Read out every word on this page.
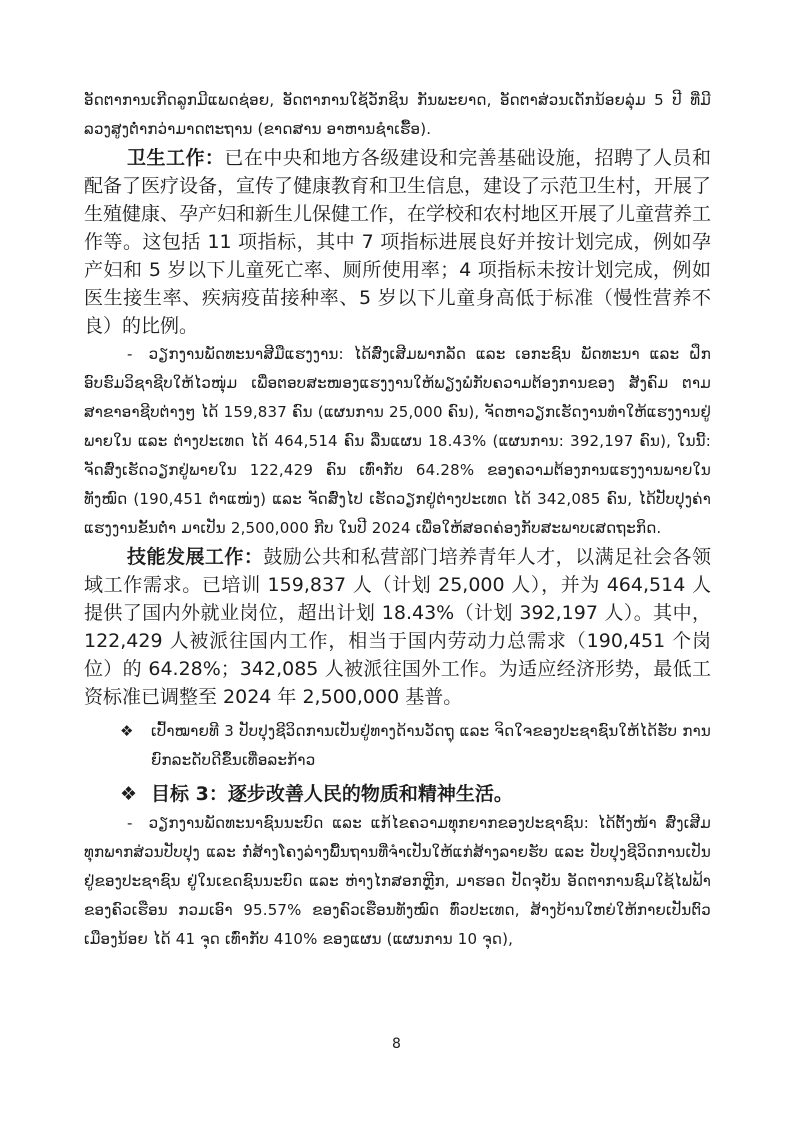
ອັດຕາການເກີດລູກມີແພດຊ່ອຍ, ອັດຕາການໃຊ້ວັກຊິນ ກັນພະຍາດ, ອັດຕາສ່ວນເດັກນ້ອຍລຸ່ມ 5 ປີ ທີ່ມີລວງສູງຕໍ່າກວ່າມາດຕະຖານ (ຂາດສານ ອາຫານຊໍາເຮື້ອ).

卫生工作：已在中央和地方各级建设和完善基础设施，招聘了人员和配备了医疗设备，宣传了健康教育和卫生信息，建设了示范卫生村，开展了生殖健康、孕产妇和新生儿保健工作，在学校和农村地区开展了儿童营养工作等。这包括 11 项指标，其中 7 项指标进展良好并按计划完成，例如孕产妇和 5 岁以下儿童死亡率、厕所使用率；4 项指标未按计划完成，例如医生接生率、疾病疫苗接种率、5 岁以下儿童身高低于标准（慢性营养不良）的比例。

- ວຽກງານພັດທະນາສີມືແຮງງານ: ໄດ້ສົ່ງເສີມພາກລັດ ແລະ ເອກະຊົນ ພັດທະນາ ແລະ ຝຶກອົບຮົມວິຊາຊີບໃຫ້ໄວໜຸ່ມ ເພື່ອຕອບສະໜອງແຮງງານໃຫ້ພຽງພໍກັບຄວາມຕ້ອງການຂອງ ສັງຄົມ ຕາມສາຂາອາຊີບຕ່າງໆ ໄດ້ 159,837 ຄົນ (ແຜນການ 25,000 ຄົນ), ຈັດຫາວຽກເຮັດງານທໍາໃຫ້ແຮງງານຢູ່ພາຍໃນ ແລະ ຕ່າງປະເທດ ໄດ້ 464,514 ຄົນ ລື່ນແຜນ 18.43% (ແຜນການ: 392,197 ຄົນ), ໃນນີ້: ຈັດສົ່ງເຮັດວຽກຢູ່ພາຍໃນ 122,429 ຄົນ ເທົ່າກັບ 64.28% ຂອງຄວາມຕ້ອງການແຮງງານພາຍໃນທັງໝົດ (190,451 ຕໍາແໜ່ງ) ແລະ ຈັດສົ່ງໄປ ເຮັດວຽກຢູ່ຕ່າງປະເທດ ໄດ້ 342,085 ຄົນ, ໄດ້ປັບປຸງຄ່າແຮງງານຂັ້ນຕໍ່າ ມາເປັນ 2,500,000 ກີບ ໃນປີ 2024 ເພື່ອໃຫ້ສອດຄ່ອງກັບສະພາບເສດຖະກິດ.

技能发展工作：鼓励公共和私营部门培养青年人才，以满足社会各领域工作需求。已培训 159,837 人（计划 25,000 人），并为 464,514 人提供了国内外就业岗位，超出计划 18.43%（计划 392,197 人）。其中，122,429 人被派往国内工作，相当于国内劳动力总需求（190,451 个岗位）的 64.28%；342,085 人被派往国外工作。为适应经济形势，最低工资标准已调整至 2024 年 2,500,000 基普。

❖ ເປົ້າໝາຍທີ 3 ປັບປຸງຊີວິດການເປັນຢູ່ທາງດ້ານວັດຖຸ ແລະ ຈິດໃຈຂອງປະຊາຊົນໃຫ້ໄດ້ຮັບ ການຍົກລະດັບດີຂຶ້ນເທື່ອລະກ້າວ

❖ 目标 3：逐步改善人民的物质和精神生活。

- ວຽກງານພັດທະນາຊົນນະບົດ ແລະ ແກ້ໄຂຄວາມທຸກຍາກຂອງປະຊາຊົນ: ໄດ້ຕັ້ງໜ້າ ສົ່ງເສີມທຸກພາກສ່ວນປັບປຸງ ແລະ ກໍ່ສ້າງໂຄງລ່າງພື້ນຖານທີ່ຈໍາເປັນໃຫ້ແກ່ສ້າງລາຍຮັບ ແລະ ປັບປຸງຊີວິດການເປັນຢູ່ຂອງປະຊາຊົນ ຢູ່ໃນເຂດຊົນນະບົດ ແລະ ຫ່າງໄກສອກຫຼີກ, ມາຮອດ ປັດຈຸບັນ ອັດຕາການຊົມໃຊ້ໄຟຟ້າຂອງຄົວເຮືອນ ກວມເອົາ 95.57% ຂອງຄົວເຮືອນທັງໝົດ ທົ່ວປະເທດ, ສ້າງບ້ານໃຫຍ່ໃຫ້ກາຍເປັນຕົວເມືອງນ້ອຍ ໄດ້ 41 ຈຸດ ເທົ່າກັບ 410% ຂອງແຜນ (ແຜນການ 10 ຈຸດ),

8
